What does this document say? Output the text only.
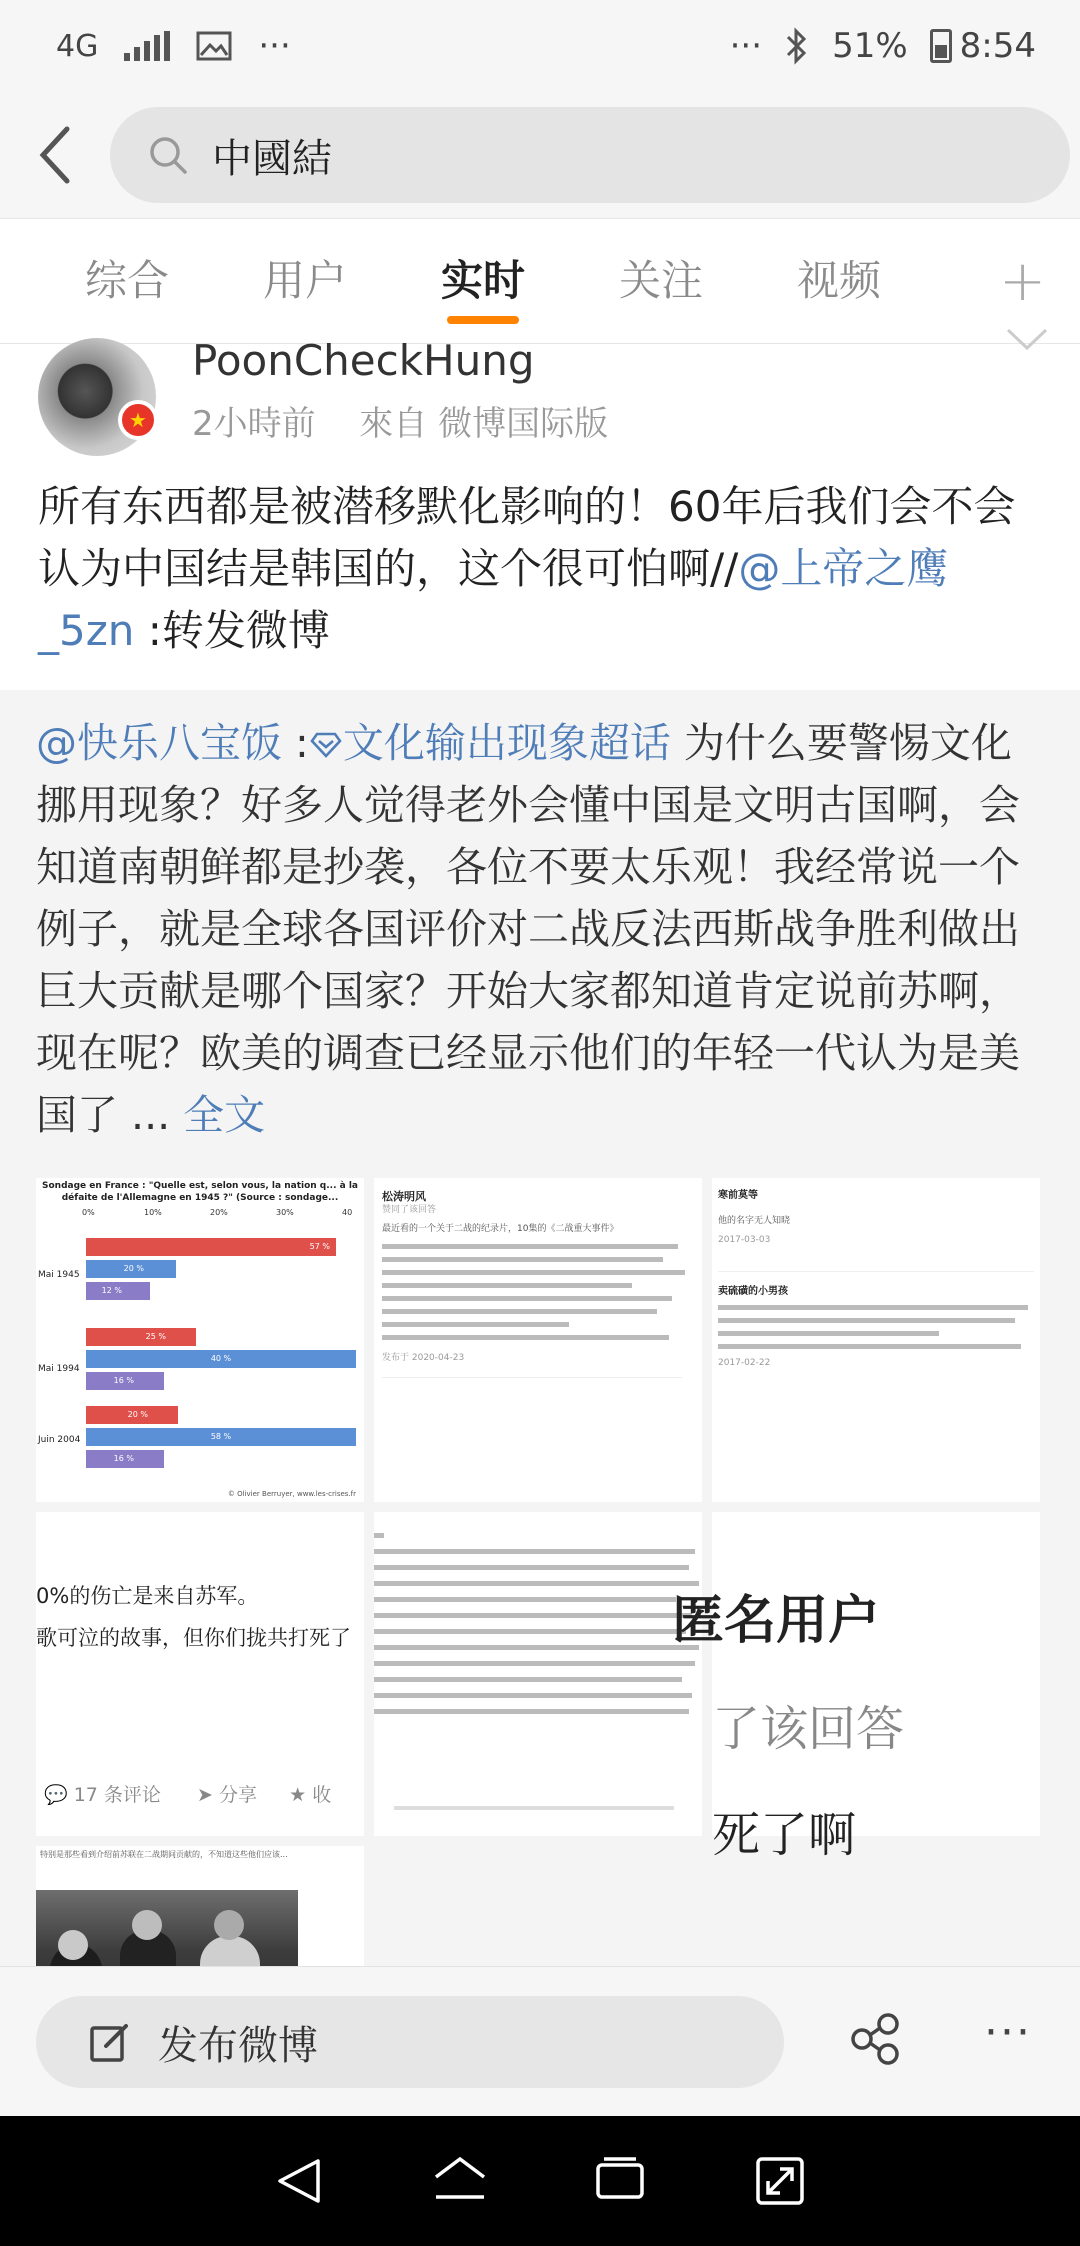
4G	···	··· 51% 8:54
中國結
综合	用户	实时	关注	视频	+
★
PoonCheckHung
2小時前 來自 微博国际版
所有东西都是被潜移默化影响的！60年后我们会不会认为中国结是韩国的，这个很可怕啊//@上帝之鹰_5zn :转发微博
@快乐八宝饭 : 文化输出现象超话 为什么要警惕文化挪用现象？好多人觉得老外会懂中国是文明古国啊，会知道南朝鲜都是抄袭，各位不要太乐观！我经常说一个例子，就是全球各国评价对二战反法西斯战争胜利做出巨大贡献是哪个国家？开始大家都知道肯定说前苏啊，现在呢？欧美的调查已经显示他们的年轻一代认为是美国了 ... 全文
Sondage en France : "Quelle est, selon vous, la nation q... à la défaite de l'Allemagne en 1945 ?" (Source : sondage...
0%	10%	20%	30%	40
Mai 1945
Mai 1994
Juin 2004
57 %
20 %
12 %
25 %
40 %
16 %
20 %
58 %
16 %
© Olivier Berruyer, www.les-crises.fr
松涛明风
赞同了该回答
最近看的一个关于二战的纪录片，10集的《二战重大事件》
发布于 2020-04-23
寒前莫等
他的名字无人知晓
2017-03-03
卖硫磺的小男孩
2017-02-22
0%的伤亡是来自苏军。
歌可泣的故事，但你们拢共打死了
💬 17 条评论 ➤ 分享 ★ 收
匿名用户
了该回答
死了啊
特别是那些看到介绍前苏联在二战期间贡献的，不知道这些他们应该...
发布微博	···
